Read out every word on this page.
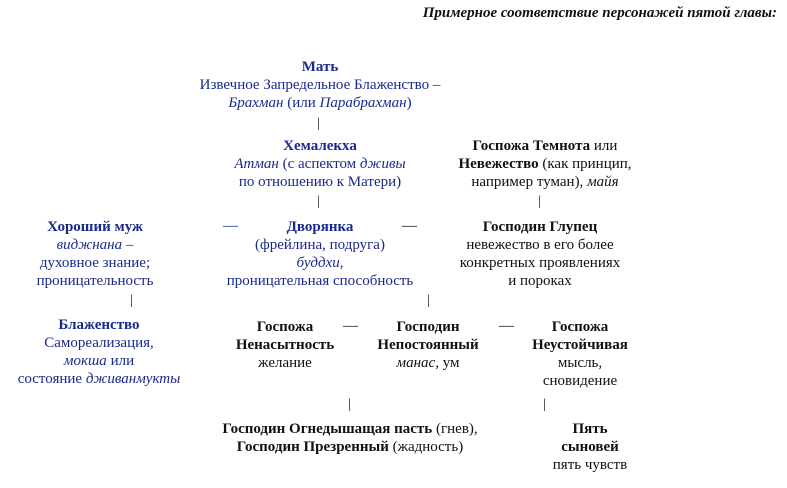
Примерное соответствие персонажей пятой главы:
Мать
Извечное Запредельное Блаженство –
Брахман (или Парабрахман)
|
Хемалекха
Атман (с аспектом дживы
по отношению к Матери)
Госпожа Темнота или
Невежество (как принцип,
например туман), майя
|	|
Хороший муж
виджнана –
духовное знание;
проницательность
—	Дворянка
(фрейлина, подруга)
буддхи,
проницательная способность
—	Господин Глупец
невежество в его более
конкретных проявлениях
и пороках
|	|
Блаженство
Самореализация,
мокша или
состояние дживанмукты
Госпожа
Ненасытность
желание
—	Господин
Непостоянный
манас, ум
—	Госпожа
Неустойчивая
мысль,
сновидение
|	|
Господин Огнедышащая пасть (гнев),
Господин Презренный (жадность)
Пять
сыновей
пять чувств
